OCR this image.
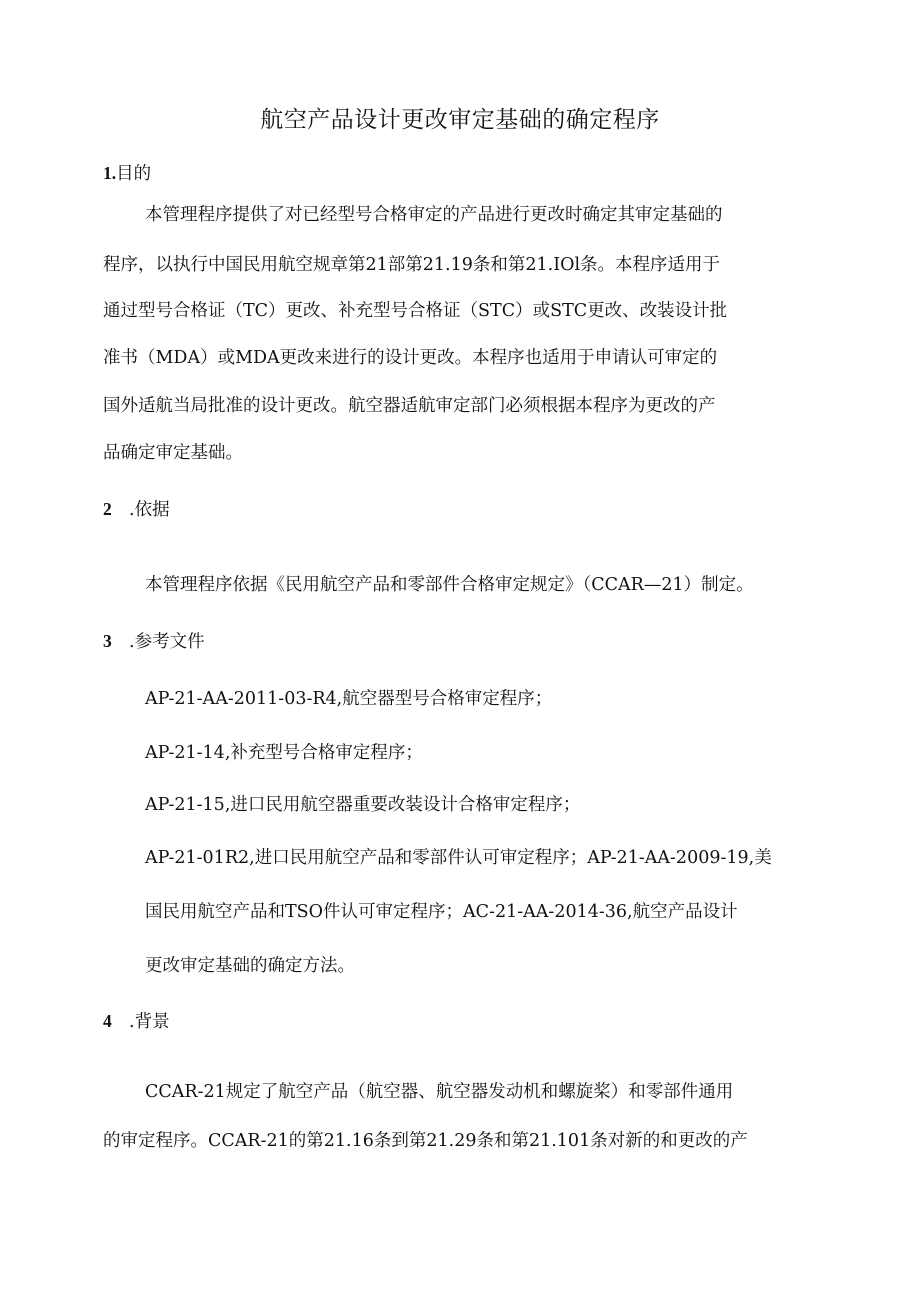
航空产品设计更改审定基础的确定程序
1.目的
本管理程序提供了对已经型号合格审定的产品进行更改时确定其审定基础的
程序，以执行中国民用航空规章第21部第21.19条和第21.IOl条。本程序适用于
通过型号合格证（TC）更改、补充型号合格证（STC）或STC更改、改装设计批
准书（MDA）或MDA更改来进行的设计更改。本程序也适用于申请认可审定的
国外适航当局批准的设计更改。航空器适航审定部门必须根据本程序为更改的产
品确定审定基础。
2 .依据
本管理程序依据《民用航空产品和零部件合格审定规定》（CCAR—21）制定。
3 .参考文件
AP-21-AA-2011-03-R4,航空器型号合格审定程序；
AP-21-14,补充型号合格审定程序；
AP-21-15,进口民用航空器重要改装设计合格审定程序；
AP-21-01R2,进口民用航空产品和零部件认可审定程序；AP-21-AA-2009-19,美
国民用航空产品和TSO件认可审定程序；AC-21-AA-2014-36,航空产品设计
更改审定基础的确定方法。
4 .背景
CCAR-21规定了航空产品（航空器、航空器发动机和螺旋桨）和零部件通用
的审定程序。CCAR-21的第21.16条到第21.29条和第21.101条对新的和更改的产
